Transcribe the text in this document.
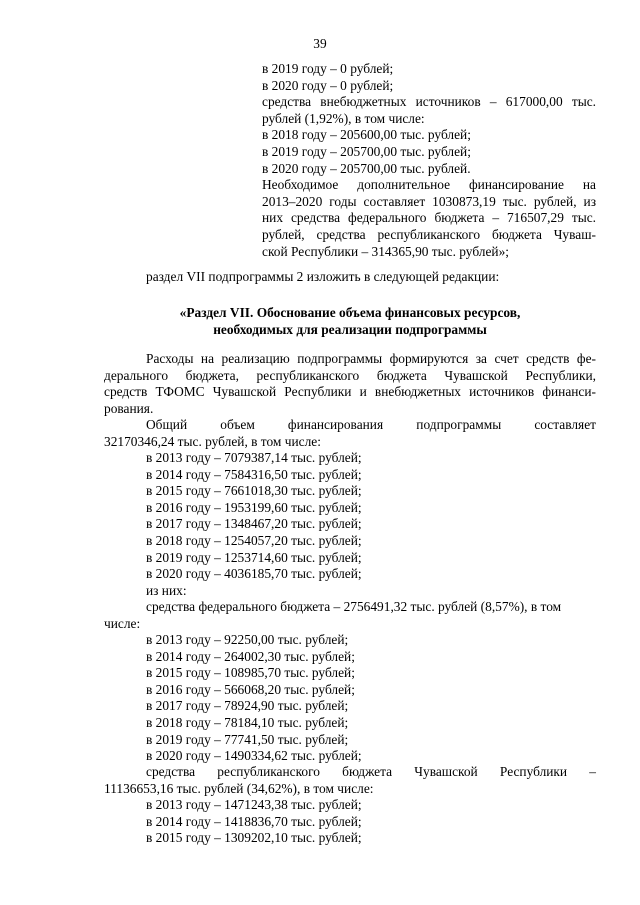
39
в 2019 году – 0 рублей;
в 2020 году – 0 рублей;
средства внебюджетных источников – 617000,00 тыс.
рублей (1,92%), в том числе:
в 2018 году – 205600,00 тыс. рублей;
в 2019 году – 205700,00 тыс. рублей;
в 2020 году – 205700,00 тыс. рублей.
Необходимое дополнительное финансирование на
2013–2020 годы составляет 1030873,19 тыс. рублей, из
них средства федерального бюджета – 716507,29 тыс.
рублей, средства республиканского бюджета Чуваш-
ской Республики – 314365,90 тыс. рублей»;
раздел VII подпрограммы 2 изложить в следующей редакции:
«Раздел VII. Обоснование объема финансовых ресурсов,
необходимых для реализации подпрограммы
Расходы на реализацию подпрограммы формируются за счет средств фе-
дерального бюджета, республиканского бюджета Чувашской Республики,
средств ТФОМС Чувашской Республики и внебюджетных источников финанси-
рования.
Общий объем финансирования подпрограммы составляет
32170346,24 тыс. рублей, в том числе:
в 2013 году – 7079387,14 тыс. рублей;
в 2014 году – 7584316,50 тыс. рублей;
в 2015 году – 7661018,30 тыс. рублей;
в 2016 году – 1953199,60 тыс. рублей;
в 2017 году – 1348467,20 тыс. рублей;
в 2018 году – 1254057,20 тыс. рублей;
в 2019 году – 1253714,60 тыс. рублей;
в 2020 году – 4036185,70 тыс. рублей;
из них:
средства федерального бюджета – 2756491,32 тыс. рублей (8,57%), в том
числе:
в 2013 году – 92250,00 тыс. рублей;
в 2014 году – 264002,30 тыс. рублей;
в 2015 году – 108985,70 тыс. рублей;
в 2016 году – 566068,20 тыс. рублей;
в 2017 году – 78924,90 тыс. рублей;
в 2018 году – 78184,10 тыс. рублей;
в 2019 году – 77741,50 тыс. рублей;
в 2020 году – 1490334,62 тыс. рублей;
средства республиканского бюджета Чувашской Республики –
11136653,16 тыс. рублей (34,62%), в том числе:
в 2013 году – 1471243,38 тыс. рублей;
в 2014 году – 1418836,70 тыс. рублей;
в 2015 году – 1309202,10 тыс. рублей;
